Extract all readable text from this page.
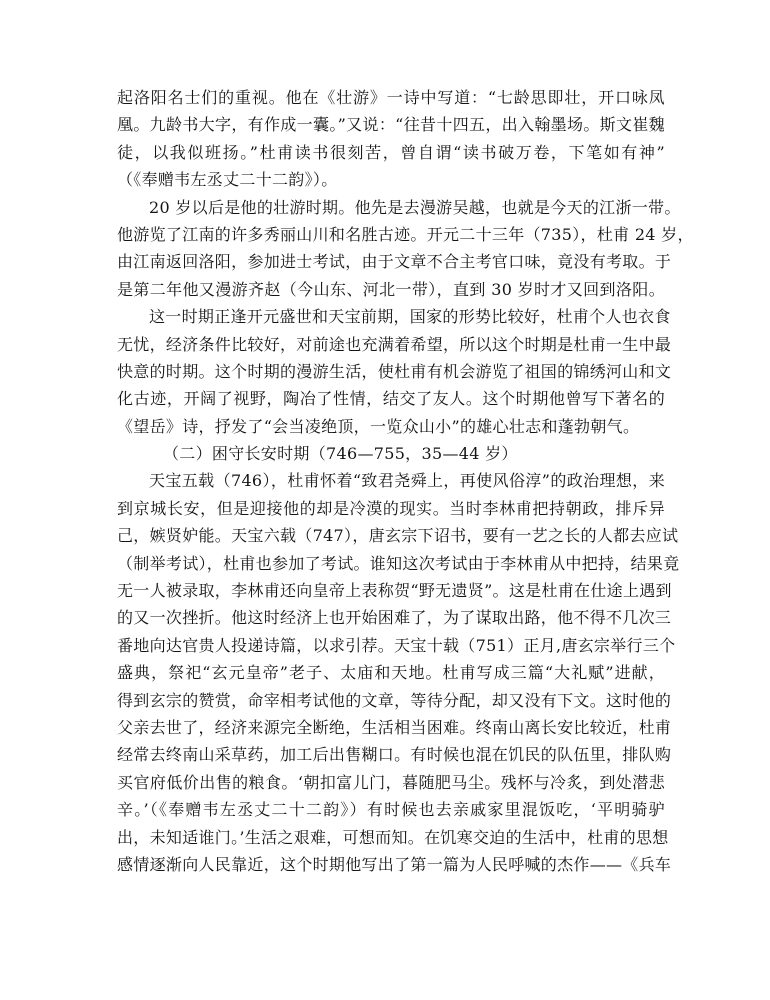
起洛阳名士们的重视。他在《壮游》一诗中写道：“七龄思即壮，开口咏凤
凰。九龄书大字，有作成一囊。”又说：“往昔十四五，出入翰墨场。斯文崔魏
徒，以我似班扬。”杜甫读书很刻苦，曾自谓“读书破万卷，下笔如有神”
（《奉赠韦左丞丈二十二韵》）。
20 岁以后是他的壮游时期。他先是去漫游吴越，也就是今天的江浙一带。
他游览了江南的许多秀丽山川和名胜古迹。开元二十三年（735），杜甫 24 岁，
由江南返回洛阳，参加进士考试，由于文章不合主考官口味，竟没有考取。于
是第二年他又漫游齐赵（今山东、河北一带），直到 30 岁时才又回到洛阳。
这一时期正逢开元盛世和天宝前期，国家的形势比较好，杜甫个人也衣食
无忧，经济条件比较好，对前途也充满着希望，所以这个时期是杜甫一生中最
快意的时期。这个时期的漫游生活，使杜甫有机会游览了祖国的锦绣河山和文
化古迹，开阔了视野，陶冶了性情，结交了友人。这个时期他曾写下著名的
《望岳》诗，抒发了“会当凌绝顶，一览众山小”的雄心壮志和蓬勃朝气。
（二）困守长安时期（746—755，35—44 岁）
天宝五载（746），杜甫怀着“致君尧舜上，再使风俗淳”的政治理想，来
到京城长安，但是迎接他的却是冷漠的现实。当时李林甫把持朝政，排斥异
己，嫉贤妒能。天宝六载（747），唐玄宗下诏书，要有一艺之长的人都去应试
（制举考试），杜甫也参加了考试。谁知这次考试由于李林甫从中把持，结果竟
无一人被录取，李林甫还向皇帝上表称贺“野无遗贤”。这是杜甫在仕途上遇到
的又一次挫折。他这时经济上也开始困难了，为了谋取出路，他不得不几次三
番地向达官贵人投递诗篇，以求引荐。天宝十载（751）正月,唐玄宗举行三个
盛典，祭祀“玄元皇帝”老子、太庙和天地。杜甫写成三篇“大礼赋”进献，
得到玄宗的赞赏，命宰相考试他的文章，等待分配，却又没有下文。这时他的
父亲去世了，经济来源完全断绝，生活相当困难。终南山离长安比较近，杜甫
经常去终南山采草药，加工后出售糊口。有时候也混在饥民的队伍里，排队购
买官府低价出售的粮食。‘朝扣富儿门，暮随肥马尘。残杯与冷炙，到处潜悲
辛。’（《奉赠韦左丞丈二十二韵》）有时候也去亲戚家里混饭吃，‘平明骑驴
出，未知适谁门。’生活之艰难，可想而知。在饥寒交迫的生活中，杜甫的思想
感情逐渐向人民靠近，这个时期他写出了第一篇为人民呼喊的杰作——《兵车
